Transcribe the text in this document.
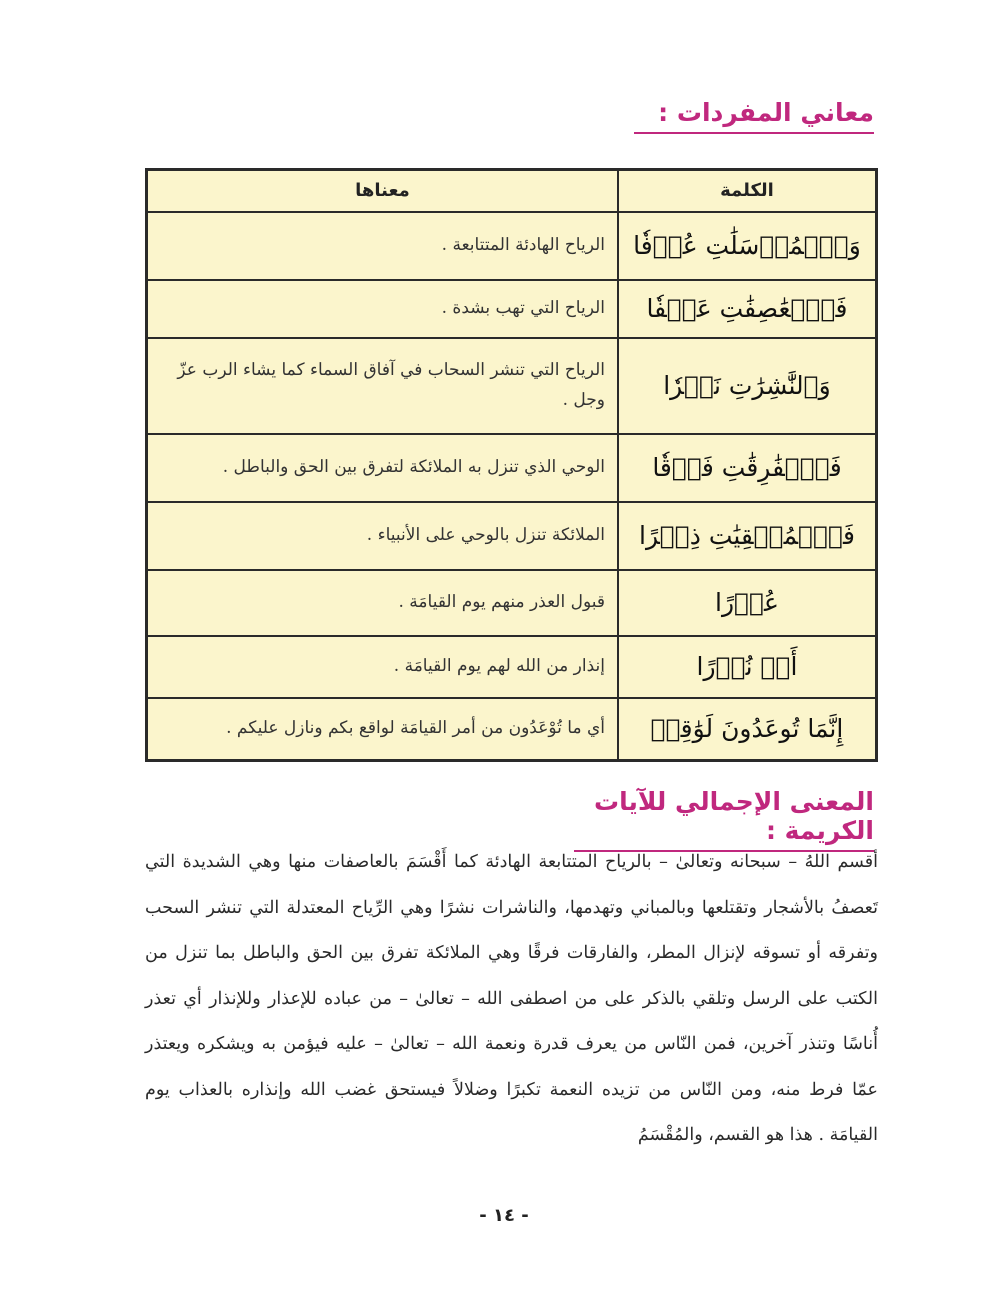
معاني المفردات :
الكلمة	معناها
وَٱلۡمُرۡسَلَٰتِ عُرۡفٗا	الرياح الهادئة المتتابعة .
فَٱلۡعَٰصِفَٰتِ عَصۡفٗا	الرياح التي تهب بشدة .
وَٱلنَّٰشِرَٰتِ نَشۡرٗا	الرياح التي تنشر السحاب في آفاق السماء كما يشاء الرب عزّ وجل .
فَٱلۡفَٰرِقَٰتِ فَرۡقٗا	الوحي الذي تنزل به الملائكة لتفرق بين الحق والباطل .
فَٱلۡمُلۡقِيَٰتِ ذِكۡرًا	الملائكة تنزل بالوحي على الأنبياء .
عُذۡرًا	قبول العذر منهم يوم القيامَة .
أَوۡ نُذۡرًا	إنذار من الله لهم يوم القيامَة .
إِنَّمَا تُوعَدُونَ لَوَٰقِعٞ	أي ما تُوْعَدُون من أمر القيامَة لواقع بكم ونازل عليكم .
المعنى الإجمالي للآيات الكريمة :
أقسم اللهُ – سبحانه وتعالىٰ – بالرياح المتتابعة الهادئة كما أَقْسَمَ بالعاصفات منها وهي الشديدة التي تَعصفُ بالأشجار وتقتلعها وبالمباني وتهدمها، والناشرات نشرًا وهي الرِّياح المعتدلة التي تنشر السحب وتفرقه أو تسوقه لإنزال المطر، والفارقات فرقًا وهي الملائكة تفرق بين الحق والباطل بما تنزل من الكتب على الرسل وتلقي بالذكر على من اصطفى الله – تعالىٰ – من عباده للإعذار وللإنذار أي تعذر أُناسًا وتنذر آخرين، فمن النّاس من يعرف قدرة ونعمة الله – تعالىٰ – عليه فيؤمن به ويشكره ويعتذر عمّا فرط منه، ومن النّاس من تزيده النعمة تكبرًا وضلالاً فيستحق غضب الله وإنذاره بالعذاب يوم القيامَة . هذا هو القسم، والمُقْسَمُ
- ١٤ -
